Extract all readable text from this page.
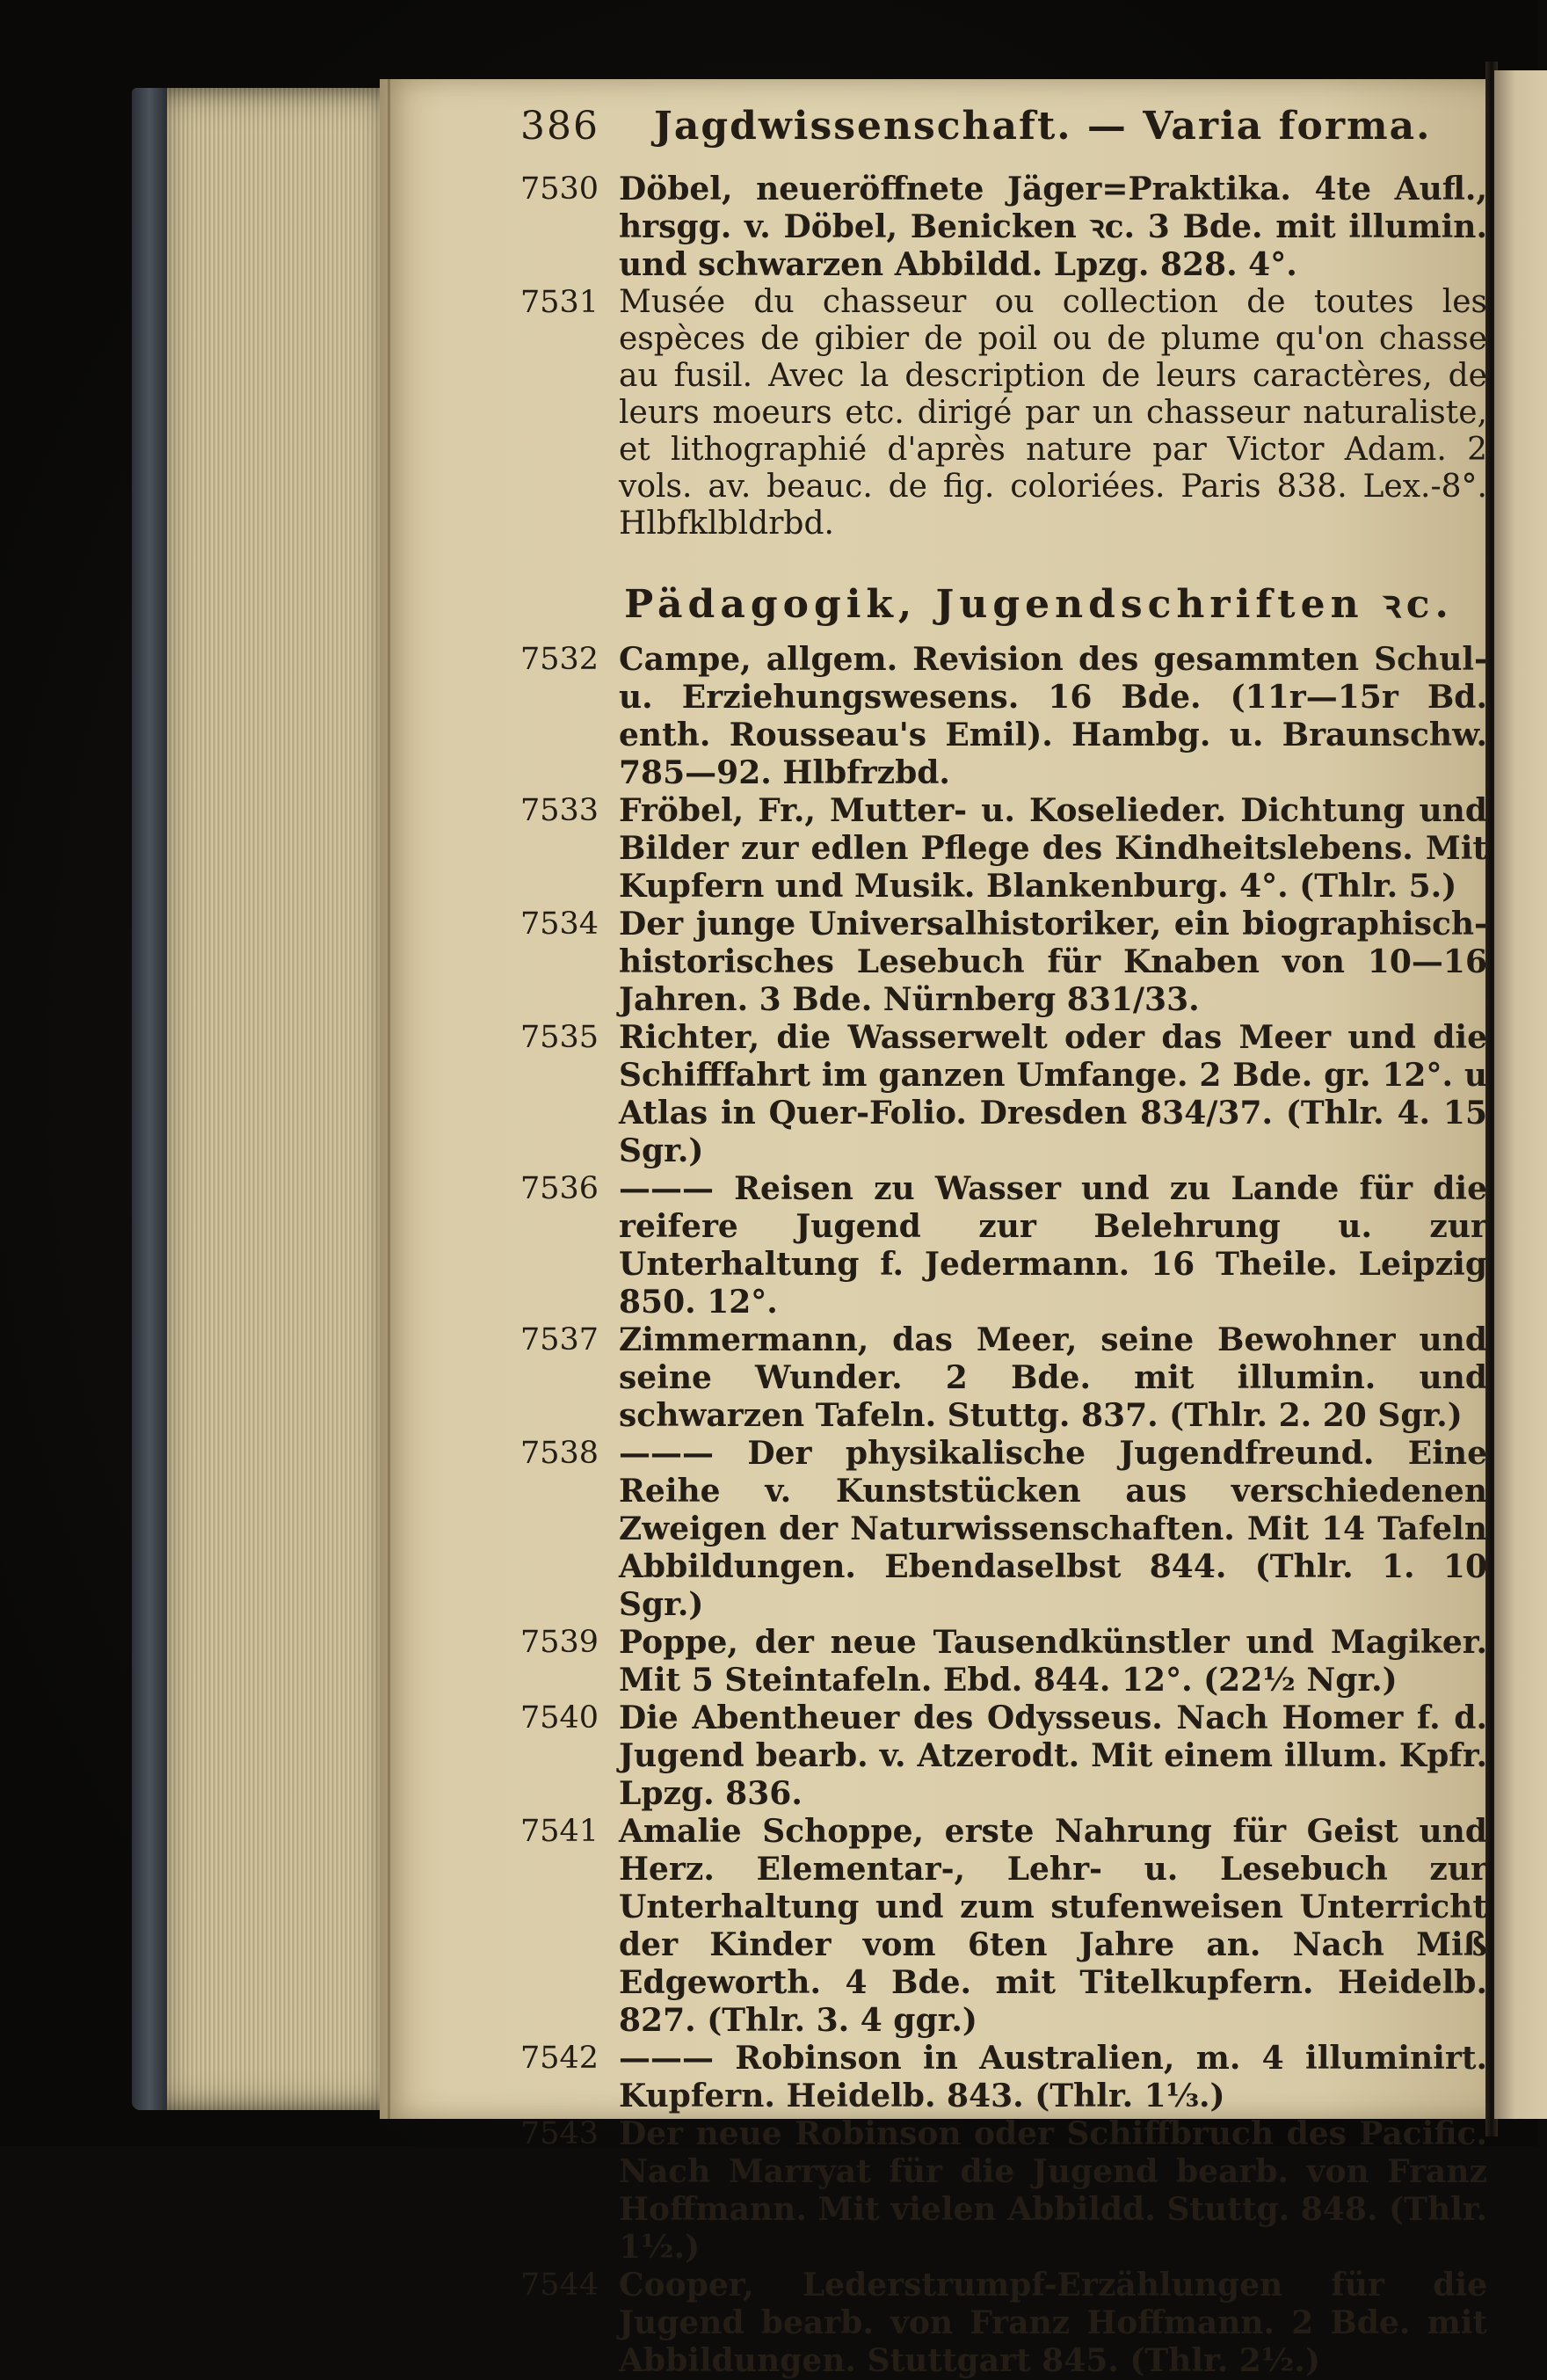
386 Jagdwissenschaft. — Varia forma.
7530 Döbel, neueröffnete Jäger=Praktika. 4te Aufl., hrsgg. v. Döbel, Benicken ꝛc. 3 Bde. mit illumin. und schwarzen Abbildd. Lpzg. 828. 4°.
7531 Musée du chasseur ou collection de toutes les espèces de gibier de poil ou de plume qu'on chasse au fusil. Avec la description de leurs caractères, de leurs moeurs etc. dirigé par un chasseur naturaliste, et lithographié d'après nature par Victor Adam. 2 vols. av. beauc. de fig. coloriées. Paris 838. Lex.-8°. Hlbfklbldrbd.
Pädagogik, Jugendschriften ꝛc.
7532 Campe, allgem. Revision des gesammten Schul- u. Erziehungswesens. 16 Bde. (11r—15r Bd. enth. Rousseau's Emil). Hambg. u. Braunschw. 785—92. Hlbfrzbd.
7533 Fröbel, Fr., Mutter- u. Koselieder. Dichtung und Bilder zur edlen Pflege des Kindheitslebens. Mit Kupfern und Musik. Blankenburg. 4°. (Thlr. 5.)
7534 Der junge Universalhistoriker, ein biographisch-historisches Lesebuch für Knaben von 10—16 Jahren. 3 Bde. Nürnberg 831/33.
7535 Richter, die Wasserwelt oder das Meer und die Schifffahrt im ganzen Umfange. 2 Bde. gr. 12°. u Atlas in Quer-Folio. Dresden 834/37. (Thlr. 4. 15 Sgr.)
7536 ——— Reisen zu Wasser und zu Lande für die reifere Jugend zur Belehrung u. zur Unterhaltung f. Jedermann. 16 Theile. Leipzig 850. 12°.
7537 Zimmermann, das Meer, seine Bewohner und seine Wunder. 2 Bde. mit illumin. und schwarzen Tafeln. Stuttg. 837. (Thlr. 2. 20 Sgr.)
7538 ——— Der physikalische Jugendfreund. Eine Reihe v. Kunststücken aus verschiedenen Zweigen der Naturwissenschaften. Mit 14 Tafeln Abbildungen. Ebendaselbst 844. (Thlr. 1. 10 Sgr.)
7539 Poppe, der neue Tausendkünstler und Magiker. Mit 5 Steintafeln. Ebd. 844. 12°. (22½ Ngr.)
7540 Die Abentheuer des Odysseus. Nach Homer f. d. Jugend bearb. v. Atzerodt. Mit einem illum. Kpfr. Lpzg. 836.
7541 Amalie Schoppe, erste Nahrung für Geist und Herz. Elementar-, Lehr- u. Lesebuch zur Unterhaltung und zum stufenweisen Unterricht der Kinder vom 6ten Jahre an. Nach Miß Edgeworth. 4 Bde. mit Titelkupfern. Heidelb. 827. (Thlr. 3. 4 ggr.)
7542 ——— Robinson in Australien, m. 4 illuminirt. Kupfern. Heidelb. 843. (Thlr. 1⅓.)
7543 Der neue Robinson oder Schiffbruch des Pacific. Nach Marryat für die Jugend bearb. von Franz Hoffmann. Mit vielen Abbildd. Stuttg. 848. (Thlr. 1½.)
7544 Cooper, Lederstrumpf-Erzählungen für die Jugend bearb. von Franz Hoffmann. 2 Bde. mit Abbildungen. Stuttgart 845. (Thlr. 2½.)
